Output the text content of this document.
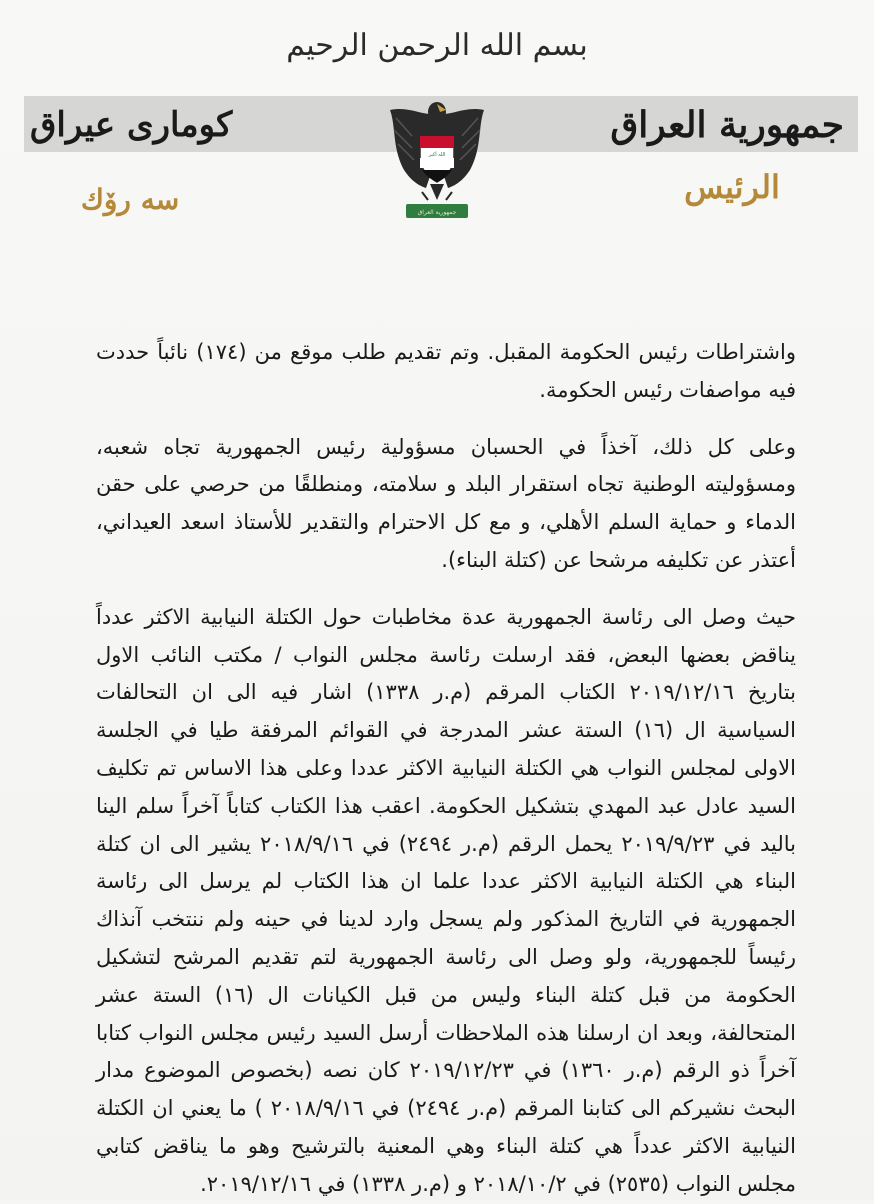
بسم الله الرحمن الرحيم
جمهورية العراق
كوماری عيراق
الرئيس
سه رۆك
الله أكبر
جمهورية العراق

واشتراطات رئيس الحكومة المقبل. وتم تقديم طلب موقع من (١٧٤) نائباً حددت فيه مواصفات رئيس الحكومة.

وعلى كل ذلك، آخذاً في الحسبان مسؤولية رئيس الجمهورية تجاه شعبه، ومسؤوليته الوطنية تجاه استقرار البلد و سلامته، ومنطلقًا من حرصي على حقن الدماء و حماية السلم الأهلي، و مع كل الاحترام والتقدير للأستاذ اسعد العيداني، أعتذر عن تكليفه مرشحا عن (كتلة البناء).

حيث وصل الى رئاسة الجمهورية عدة مخاطبات حول الكتلة النيابية الاكثر عدداً يناقض بعضها البعض، فقد ارسلت رئاسة مجلس النواب / مكتب النائب الاول بتاريخ ٢٠١٩/١٢/١٦ الكتاب المرقم (م.ر ١٣٣٨) اشار فيه الى ان التحالفات السياسية ال (١٦) الستة عشر المدرجة في القوائم المرفقة طيا في الجلسة الاولى لمجلس النواب هي الكتلة النيابية الاكثر عددا وعلى هذا الاساس تم تكليف السيد عادل عبد المهدي بتشكيل الحكومة. اعقب هذا الكتاب كتاباً آخراً سلم الينا باليد في ٢٠١٩/٩/٢٣ يحمل الرقم (م.ر ٢٤٩٤) في ٢٠١٨/٩/١٦ يشير الى ان كتلة البناء هي الكتلة النيابية الاكثر عددا علما ان هذا الكتاب لم يرسل الى رئاسة الجمهورية في التاريخ المذكور ولم يسجل وارد لدينا في حينه ولم ننتخب آنذاك رئيساً للجمهورية، ولو وصل الى رئاسة الجمهورية لتم تقديم المرشح لتشكيل الحكومة من قبل كتلة البناء وليس من قبل الكيانات ال (١٦) الستة عشر المتحالفة، وبعد ان ارسلنا هذه الملاحظات أرسل السيد رئيس مجلس النواب كتابا آخراً ذو الرقم (م.ر ١٣٦٠) في ٢٠١٩/١٢/٢٣ كان نصه (بخصوص الموضوع مدار البحث نشيركم الى كتابنا المرقم (م.ر ٢٤٩٤) في ٢٠١٨/٩/١٦ ) ما يعني ان الكتلة النيابية الاكثر عدداً هي كتلة البناء وهي المعنية بالترشيح وهو ما يناقض كتابي مجلس النواب (٢٥٣٥) في ٢٠١٨/١٠/٢ و (م.ر ١٣٣٨) في ٢٠١٩/١٢/١٦.
